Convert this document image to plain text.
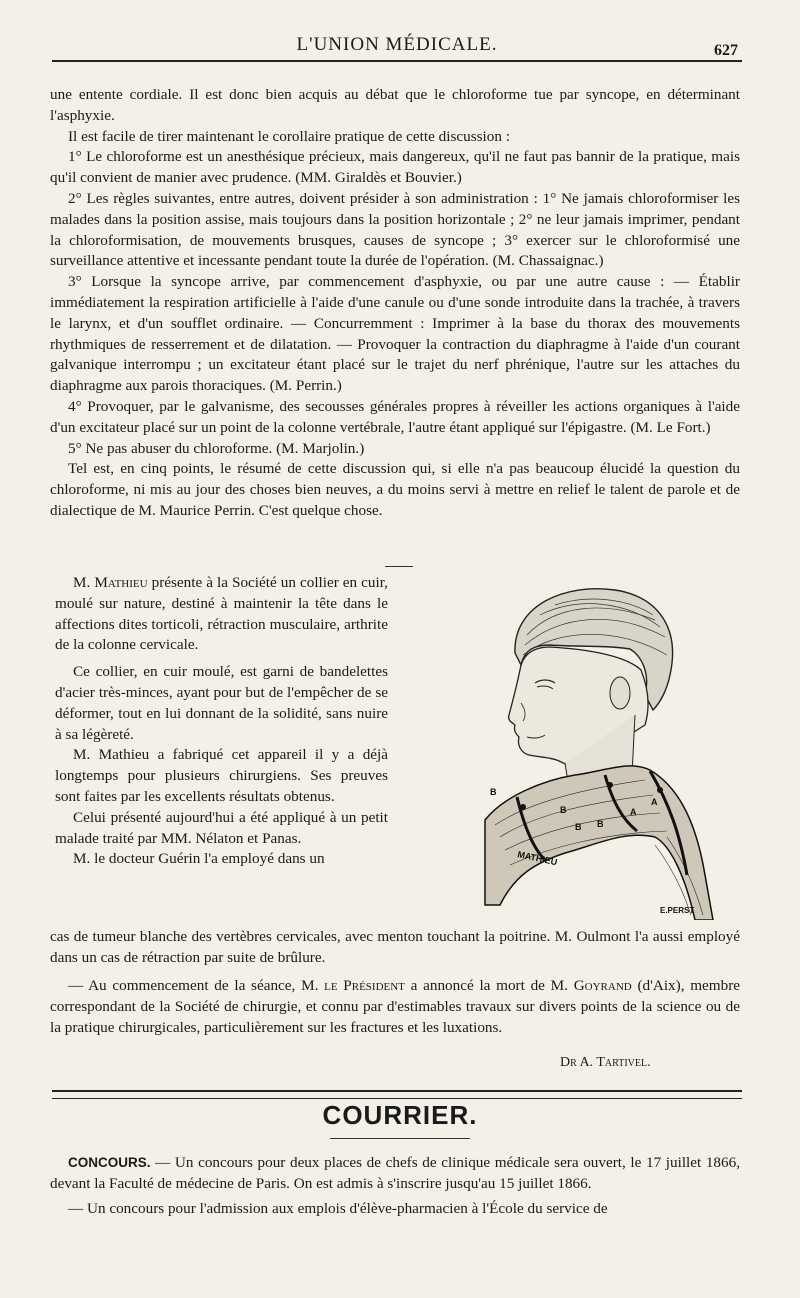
L'UNION MÉDICALE.	627

une entente cordiale. Il est donc bien acquis au débat que le chloroforme tue par syncope, en déterminant l'asphyxie.

Il est facile de tirer maintenant le corollaire pratique de cette discussion :

1° Le chloroforme est un anesthésique précieux, mais dangereux, qu'il ne faut pas bannir de la pratique, mais qu'il convient de manier avec prudence. (MM. Giraldès et Bouvier.)

2° Les règles suivantes, entre autres, doivent présider à son administration : 1° Ne jamais chloroformiser les malades dans la position assise, mais toujours dans la position horizontale ; 2° ne leur jamais imprimer, pendant la chloroformisation, de mouvements brusques, causes de syncope ; 3° exercer sur le chloroformisé une surveillance attentive et incessante pendant toute la durée de l'opération. (M. Chassaignac.)

3° Lorsque la syncope arrive, par commencement d'asphyxie, ou par une autre cause : — Établir immédiatement la respiration artificielle à l'aide d'une canule ou d'une sonde introduite dans la trachée, à travers le larynx, et d'un soufflet ordinaire. — Concurremment : Imprimer à la base du thorax des mouvements rhythmiques de resserrement et de dilatation. — Provoquer la contraction du diaphragme à l'aide d'un courant galvanique interrompu ; un excitateur étant placé sur le trajet du nerf phrénique, l'autre sur les attaches du diaphragme aux parois thoraciques. (M. Perrin.)

4° Provoquer, par le galvanisme, des secousses générales propres à réveiller les actions organiques à l'aide d'un excitateur placé sur un point de la colonne vertébrale, l'autre étant appliqué sur l'épigastre. (M. Le Fort.)

5° Ne pas abuser du chloroforme. (M. Marjolin.)

Tel est, en cinq points, le résumé de cette discussion qui, si elle n'a pas beaucoup élucidé la question du chloroforme, ni mis au jour des choses bien neuves, a du moins servi à mettre en relief le talent de parole et de dialectique de M. Maurice Perrin. C'est quelque chose.

M. Mathieu présente à la Société un collier en cuir, moulé sur nature, destiné à maintenir la tête dans le affections dites torticoli, rétraction musculaire, arthrite de la colonne cervicale.

Ce collier, en cuir moulé, est garni de bandelettes d'acier très-minces, ayant pour but de l'empêcher de se déformer, tout en lui donnant de la solidité, sans nuire à sa légèreté.

M. Mathieu a fabriqué cet appareil il y a déjà longtemps pour plusieurs chirurgiens. Ses preuves sont faites par les excellents résultats obtenus.

Celui présenté aujourd'hui a été appliqué à un petit malade traité par MM. Nélaton et Panas.

M. le docteur Guérin l'a employé dans un

B
B
B B
A
A
MATHIEU
E.PERST

cas de tumeur blanche des vertèbres cervicales, avec menton touchant la poitrine. M. Oulmont l'a aussi employé dans un cas de rétraction par suite de brûlure.

— Au commencement de la séance, M. le Président a annoncé la mort de M. Goyrand (d'Aix), membre correspondant de la Société de chirurgie, et connu par d'estimables travaux sur divers points de la science ou de la pratique chirurgicales, particulièrement sur les fractures et les luxations.

Dr A. Tartivel.
COURRIER.

CONCOURS. — Un concours pour deux places de chefs de clinique médicale sera ouvert, le 17 juillet 1866, devant la Faculté de médecine de Paris. On est admis à s'inscrire jusqu'au 15 juillet 1866.

— Un concours pour l'admission aux emplois d'élève-pharmacien à l'École du service de
